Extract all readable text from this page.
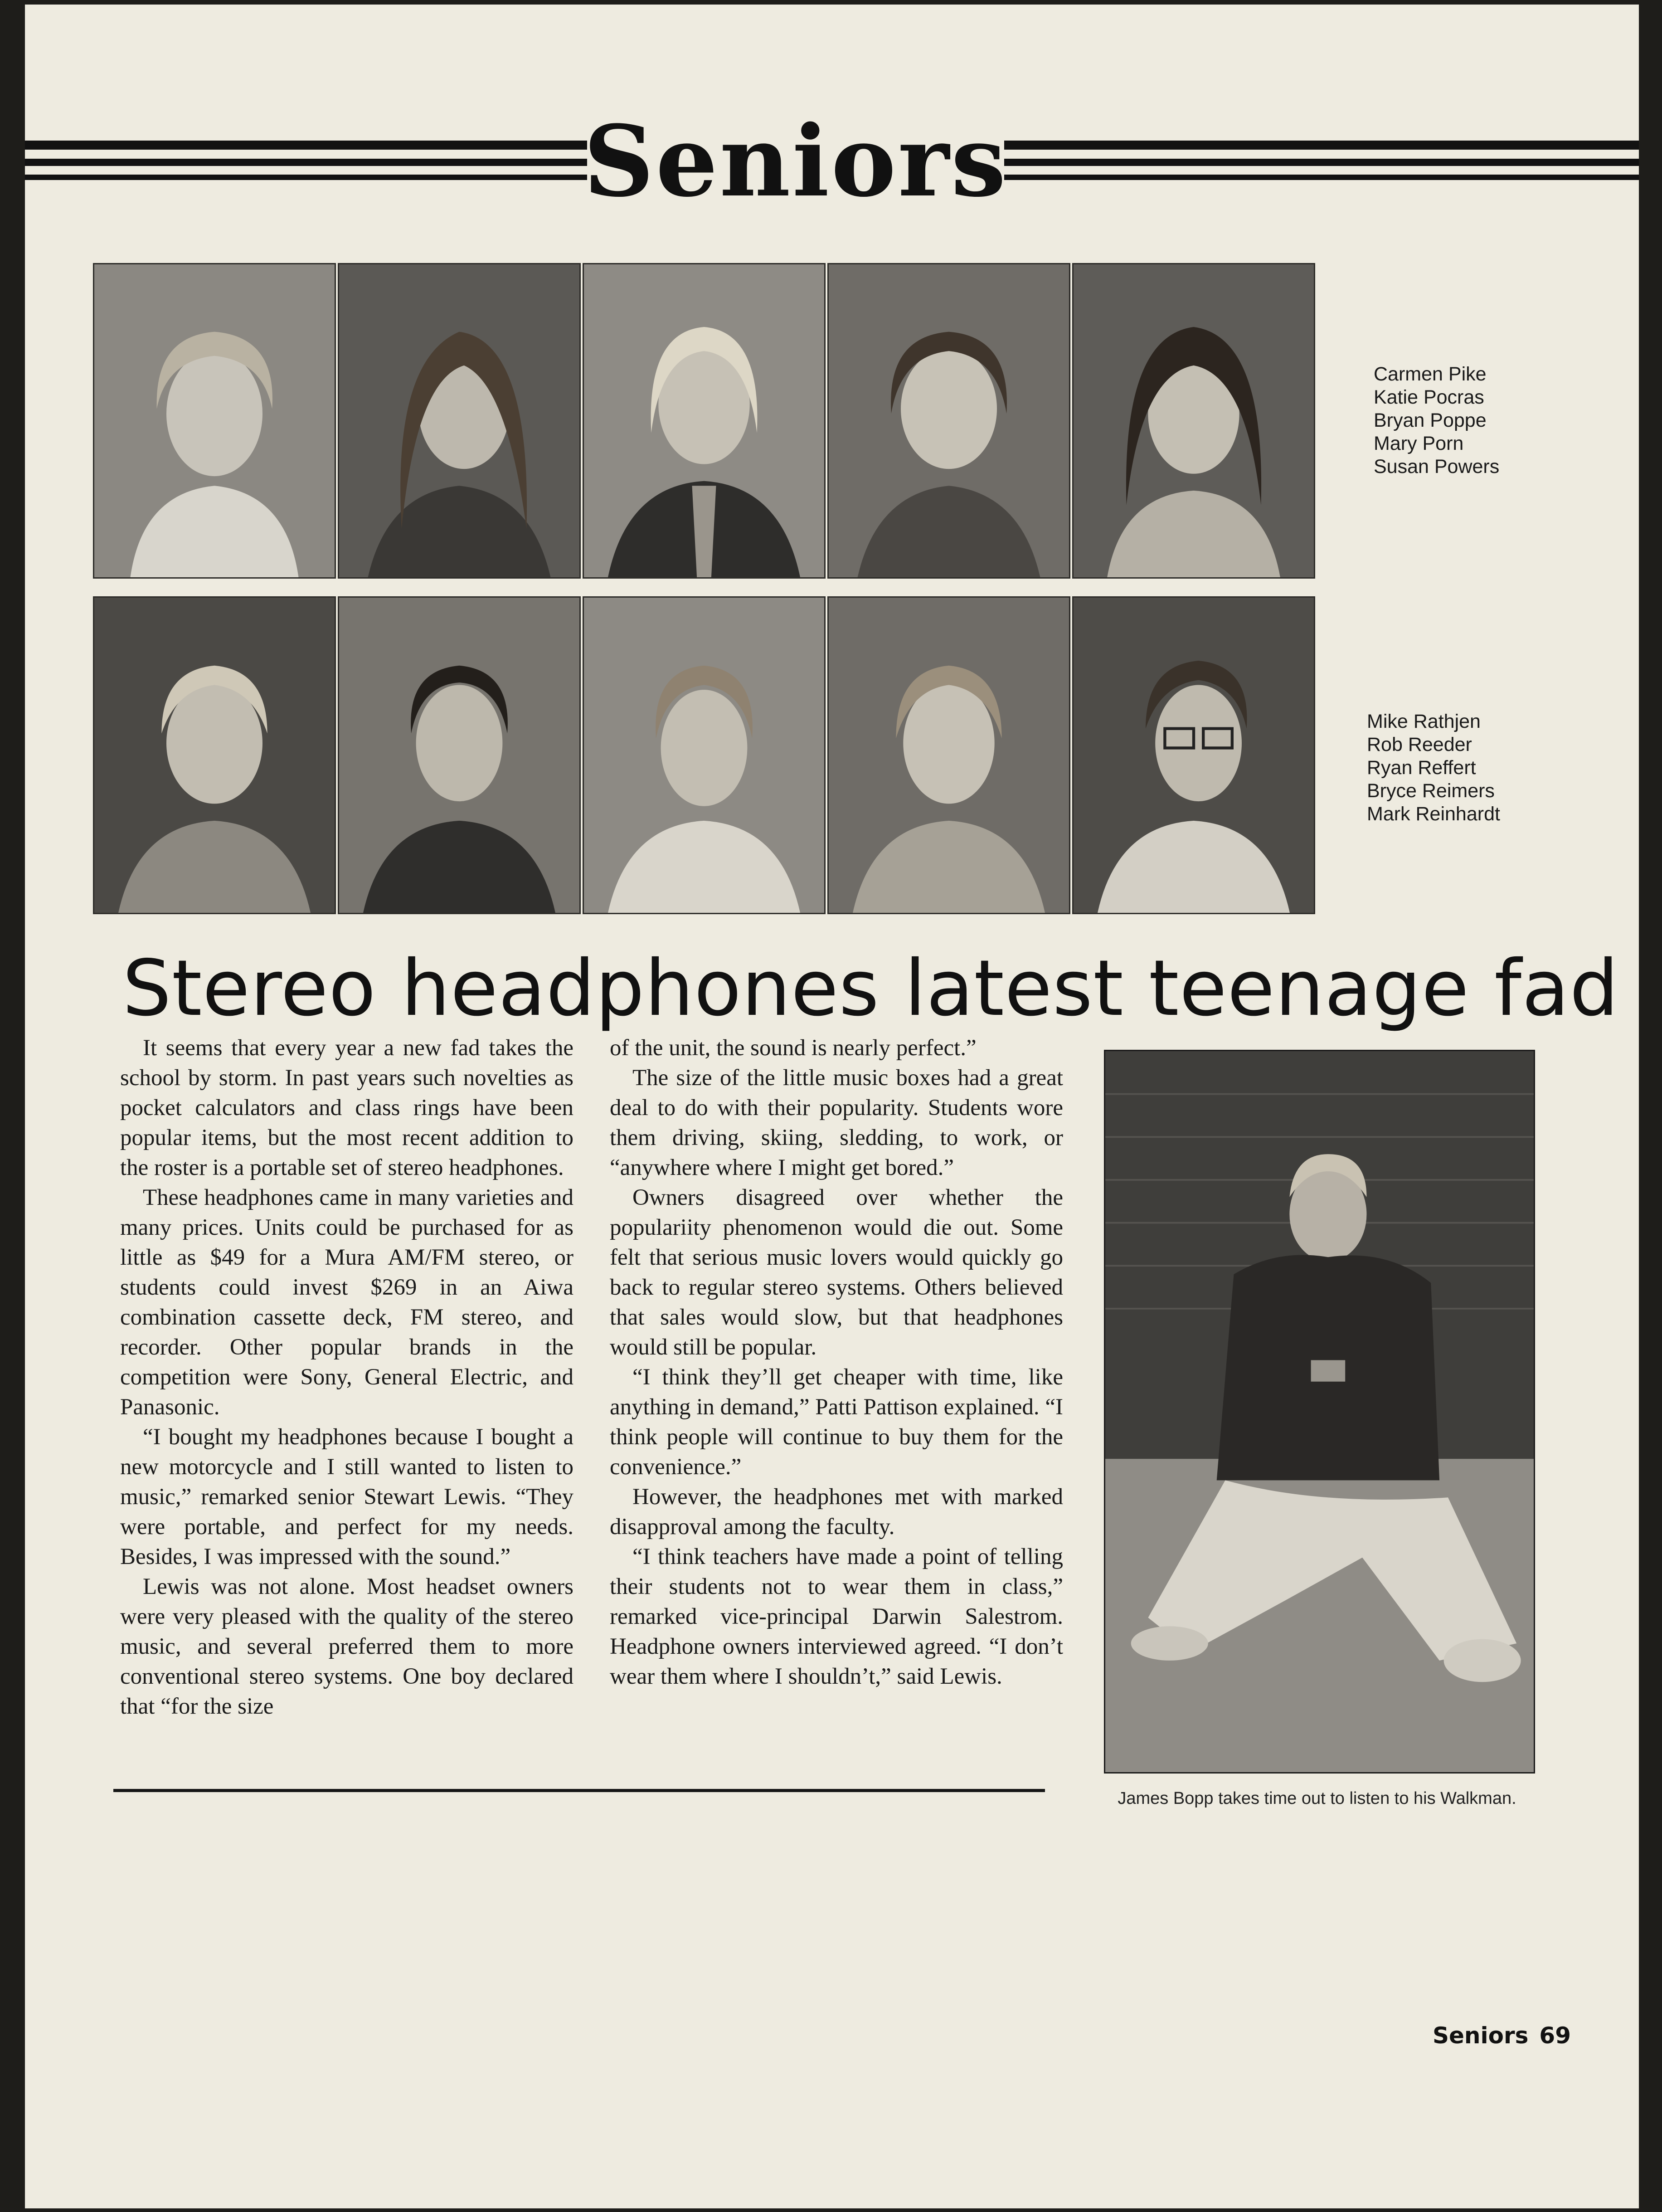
Seniors
Carmen Pike
Katie Pocras
Bryan Poppe
Mary Porn
Susan Powers
Mike Rathjen
Rob Reeder
Ryan Reffert
Bryce Reimers
Mark Reinhardt
Stereo headphones latest teenage fad

It seems that every year a new fad takes the school by storm. In past years such novelties as pocket calculators and class rings have been popular items, but the most recent addition to the roster is a portable set of stereo headphones.

These headphones came in many varieties and many prices. Units could be purchased for as little as $49 for a Mura AM/FM stereo, or students could invest $269 in an Aiwa combination cassette deck, FM stereo, and recorder. Other popular brands in the competition were Sony, General Electric, and Panasonic.

“I bought my headphones because I bought a new motorcycle and I still wanted to listen to music,” remarked senior Stewart Lewis. “They were portable, and perfect for my needs. Besides, I was impressed with the sound.”

Lewis was not alone. Most headset owners were very pleased with the quality of the stereo music, and several preferred them to more conventional stereo systems. One boy declared that “for the size

of the unit, the sound is nearly perfect.”

The size of the little music boxes had a great deal to do with their popularity. Students wore them driving, skiing, sledding, to work, or “anywhere where I might get bored.”

Owners disagreed over whether the populariity phenomenon would die out. Some felt that serious music lovers would quickly go back to regular stereo systems. Others believed that sales would slow, but that headphones would still be popular.

“I think they’ll get cheaper with time, like anything in demand,” Patti Pattison explained. “I think people will continue to buy them for the convenience.”

However, the headphones met with marked disapproval among the faculty.

“I think teachers have made a point of telling their students not to wear them in class,” remarked vice-principal Darwin Salestrom. Headphone owners interviewed agreed. “I don’t wear them where I shouldn’t,” said Lewis.

James Bopp takes time out to listen to his Walkman.
Seniors 69
